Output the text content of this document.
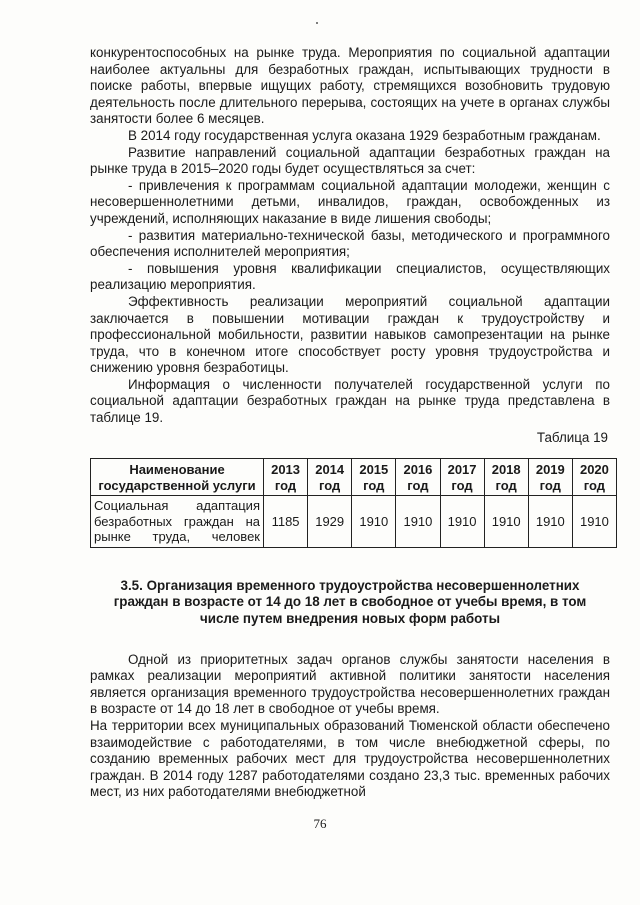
конкурентоспособных на рынке труда. Мероприятия по социальной адаптации наиболее актуальны для безработных граждан, испытывающих трудности в поиске работы, впервые ищущих работу, стремящихся возобновить трудовую деятельность после длительного перерыва, состоящих на учете в органах службы занятости более 6 месяцев.

В 2014 году государственная услуга оказана 1929 безработным гражданам.

Развитие направлений социальной адаптации безработных граждан на рынке труда в 2015–2020 годы будет осуществляться за счет:

- привлечения к программам социальной адаптации молодежи, женщин с несовершеннолетними детьми, инвалидов, граждан, освобожденных из учреждений, исполняющих наказание в виде лишения свободы;

- развития материально-технической базы, методического и программного обеспечения исполнителей мероприятия;

- повышения уровня квалификации специалистов, осуществляющих реализацию мероприятия.

Эффективность реализации мероприятий социальной адаптации заключается в повышении мотивации граждан к трудоустройству и профессиональной мобильности, развитии навыков самопрезентации на рынке труда, что в конечном итоге способствует росту уровня трудоустройства и снижению уровня безработицы.

Информация о численности получателей государственной услуги по социальной адаптации безработных граждан на рынке труда представлена в таблице 19.

Таблица 19
Наименование государственной услуги	2013 год	2014 год	2015 год	2016 год	2017 год	2018 год	2019 год	2020 год
Социальная адаптация безработных граждан на рынке труда, человек	1185	1929	1910	1910	1910	1910	1910	1910
3.5. Организация временного трудоустройства несовершеннолетних граждан в возрасте от 14 до 18 лет в свободное от учебы время, в том числе путем внедрения новых форм работы

Одной из приоритетных задач органов службы занятости населения в рамках реализации мероприятий активной политики занятости населения является организация временного трудоустройства несовершеннолетних граждан в возрасте от 14 до 18 лет в свободное от учебы время.

На территории всех муниципальных образований Тюменской области обеспечено взаимодействие с работодателями, в том числе внебюджетной сферы, по созданию временных рабочих мест для трудоустройства несовершеннолетних граждан. В 2014 году 1287 работодателями создано 23,3 тыс. временных рабочих мест, из них работодателями внебюджетной

76
